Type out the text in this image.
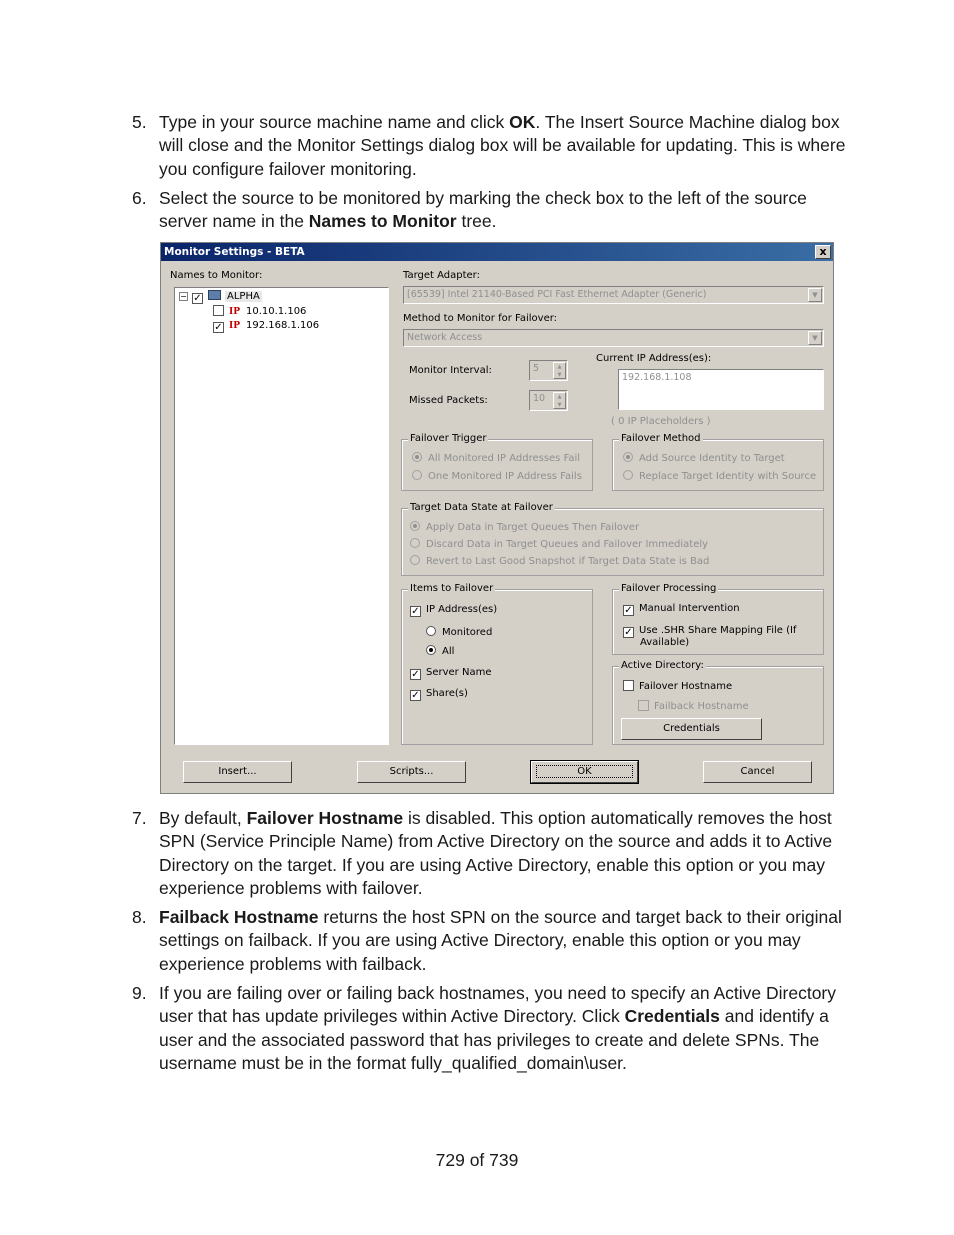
5. Type in your source machine name and click OK. The Insert Source Machine dialog box will close and the Monitor Settings dialog box will be available for updating. This is where you configure failover monitoring.
6. Select the source to be monitored by marking the check box to the left of the source server name in the Names to Monitor tree.
Monitor Settings - BETA	x
Names to Monitor:
− ✓	ALPHA
IP 10.10.1.106
✓ IP 192.168.1.106
Target Adapter:
[65539] Intel 21140-Based PCI Fast Ethernet Adapter (Generic)	▼
Method to Monitor for Failover:
Network Access	▼
Monitor Interval:	5	▲
▼
Missed Packets:	10	▲
▼
Current IP Address(es):
192.168.1.108
( 0 IP Placeholders )
Failover Trigger
All Monitored IP Addresses Fail
One Monitored IP Address Fails
Failover Method
Add Source Identity to Target
Replace Target Identity with Source
Target Data State at Failover
Apply Data in Target Queues Then Failover
Discard Data in Target Queues and Failover Immediately
Revert to Last Good Snapshot if Target Data State is Bad
Items to Failover
✓ IP Address(es)
Monitored
All
✓ Server Name
✓ Share(s)
Failover Processing
✓ Manual Intervention
✓ Use .SHR Share Mapping File (If
Available)
Active Directory:
Failover Hostname
Failback Hostname
Credentials
Insert...	Scripts...	OK	Cancel
7. By default, Failover Hostname is disabled. This option automatically removes the host SPN (Service Principle Name) from Active Directory on the source and adds it to Active Directory on the target. If you are using Active Directory, enable this option or you may experience problems with failover.
8. Failback Hostname returns the host SPN on the source and target back to their original settings on failback. If you are using Active Directory, enable this option or you may experience problems with failback.
9. If you are failing over or failing back hostnames, you need to specify an Active Directory user that has update privileges within Active Directory. Click Credentials and identify a user and the associated password that has privileges to create and delete SPNs. The username must be in the format fully_qualified_domain\user.
729 of 739
